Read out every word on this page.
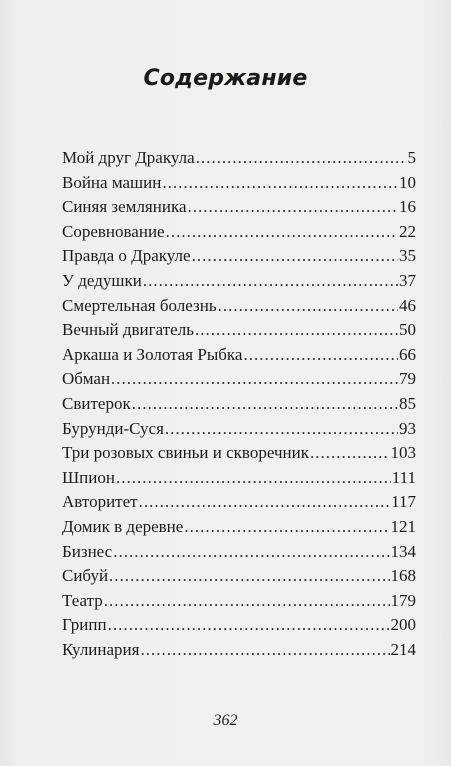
Содержание
Мой друг Дракула .....	5
Война машин .....	10
Синяя земляника .....	16
Соревнование .....	22
Правда о Дракуле .....	35
У дедушки .....	37
Смертельная болезнь .....	46
Вечный двигатель .....	50
Аркаша и Золотая Рыбка .....	66
Обман .....	79
Свитерок .....	85
Бурунди-Суся .....	93
Три розовых свиньи и скворечник .....	103
Шпион .....	111
Авторитет .....	117
Домик в деревне .....	121
Бизнес .....	134
Сибуй .....	168
Театр .....	179
Грипп .....	200
Кулинария .....	214
362
